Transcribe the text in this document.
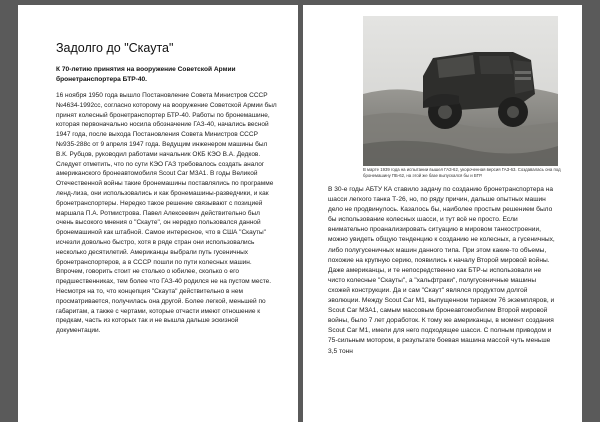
Задолго до "Скаута"
К 70-летию принятия на вооружение Советской Армии бронетранспортера БТР-40.

16 ноября 1950 года вышло Постановление Совета Министров СССР №4634-1992сс, согласно которому на вооружение Советской Армии был принят колесный бронетранспортер БТР-40. Работы по бронемашине, которая первоначально носила обозначение ГАЗ-40, начались весной 1947 года, после выхода Постановления Совета Министров СССР №9З5-288с от 9 апреля 1947 года. Ведущим инженером машины был В.К. Рубцов, руководил работами начальник ОКБ КЭО В.А. Дедков. Следует отметить, что по сути КЭО ГАЗ требовалось создать аналог американского бронеавтомобиля Scout Car M3A1. В годы Великой Отечественной войны такие бронемашины поставлялись по программе ленд-лиза, они использовались и как бронемашины-разведчики, и как бронетранспортеры. Нередко такое решение связывают с позицией маршала П.А. Ротмистрова. Павел Алексеевич действительно был очень высокого мнения о "Скауте", он нередко пользовался данной бронемашиной как штабной. Самое интересное, что в США "Скауты" исчезли довольно быстро, хотя в ряде стран они использовались несколько десятилетий. Американцы выбрали путь гусеничных бронетранспортеров, а в СССР пошли по пути колесных машин. Впрочем, говорить стоит не столько о юбилее, сколько о его предшественниках, тем более что ГАЗ-40 родился не на пустом месте. Несмотря на то, что концепция "Скаута" действительно в нем просматривается, получилась она другой. Более легкой, меньшей по габаритам, а также с чертами, которые отчасти имеют отношение к предкам, часть из которых так и не вышла дальше эскизной документации.

В марте 1939 года на испытании вышел ГАЗ-62, укороченная версия ГАЗ-63. Создавалась она под бронемашину ПБ-62, на этой же базе выпускался бы и БТР.

В 30-е годы АБТУ КА ставило задачу по созданию бронетранспортера на шасси легкого танка Т-26, но, по ряду причин, дальше опытных машин дело не продвинулось. Казалось бы, наиболее простым решением было бы использование колесных шасси, и тут всё не просто. Если внимательно проанализировать ситуацию в мировом танкостроении, можно увидеть общую тенденцию к созданию не колесных, а гусеничных, либо полугусеничных машин данного типа. При этом какие-то объемы, похожие на крупную серию, появились к началу Второй мировой войны. Даже американцы, и те непосредственно как БТР-ы использовали не чисто колесные "Скауты", а "хальфтраки", полугусеничные машины схожей конструкции. Да и сам "Скаут" являлся продуктом долгой эволюции. Между Scout Car M1, выпущенном тиражом 76 экземпляров, и Scout Car M3A1, самым массовым бронеавтомобилем Второй мировой войны, было 7 лет доработок. К тому же американцы, в момент создания Scout Car M1, имели для него подходящее шасси. С полным приводом и 75-сильным мотором, в результате боевая машина массой чуть меньше 3,5 тонн
